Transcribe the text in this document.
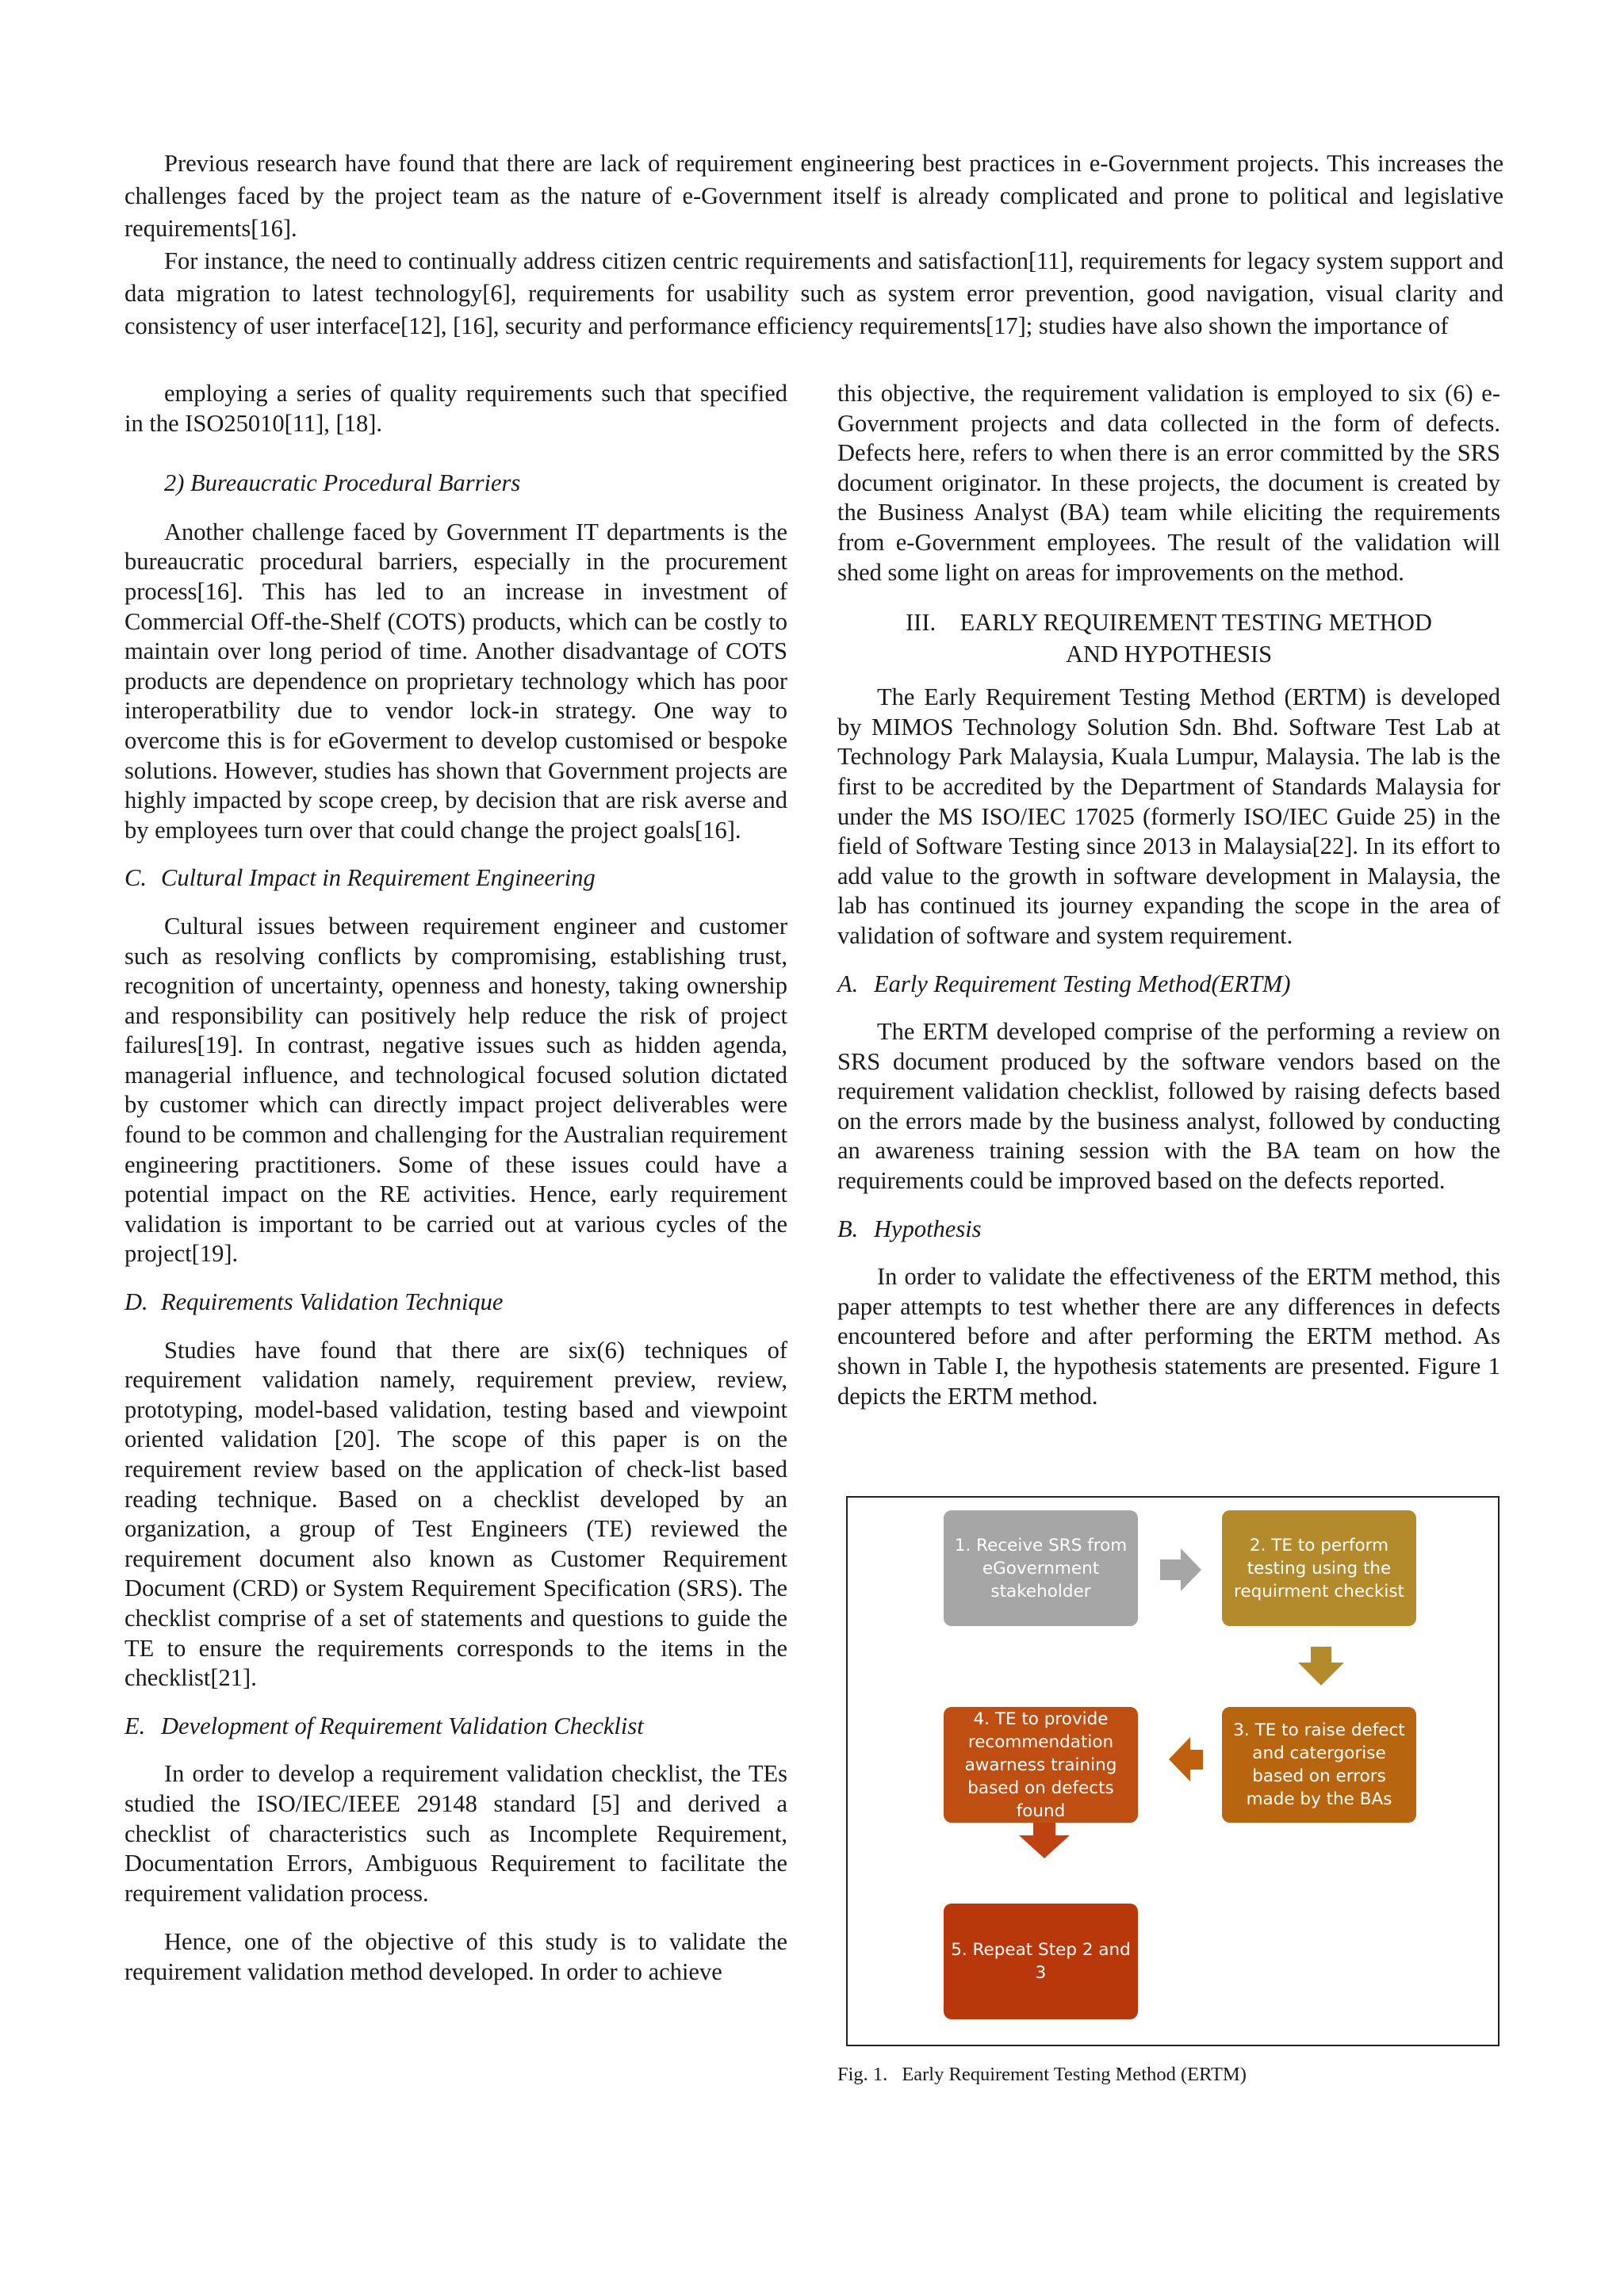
Previous research have found that there are lack of requirement engineering best practices in e-Government projects. This increases the challenges faced by the project team as the nature of e-Government itself is already complicated and prone to political and legislative requirements[16].

For instance, the need to continually address citizen centric requirements and satisfaction[11], requirements for legacy system support and data migration to latest technology[6], requirements for usability such as system error prevention, good navigation, visual clarity and consistency of user interface[12], [16], security and performance efficiency requirements[17]; studies have also shown the importance of

employing a series of quality requirements such that specified in the ISO25010[11], [18].

2) Bureaucratic Procedural Barriers

Another challenge faced by Government IT departments is the bureaucratic procedural barriers, especially in the procurement process[16]. This has led to an increase in investment of Commercial Off-the-Shelf (COTS) products, which can be costly to maintain over long period of time. Another disadvantage of COTS products are dependence on proprietary technology which has poor interoperatbility due to vendor lock-in strategy. One way to overcome this is for eGoverment to develop customised or bespoke solutions. However, studies has shown that Government projects are highly impacted by scope creep, by decision that are risk averse and by employees turn over that could change the project goals[16].

C. Cultural Impact in Requirement Engineering

Cultural issues between requirement engineer and customer such as resolving conflicts by compromising, establishing trust, recognition of uncertainty, openness and honesty, taking ownership and responsibility can positively help reduce the risk of project failures[19]. In contrast, negative issues such as hidden agenda, managerial influence, and technological focused solution dictated by customer which can directly impact project deliverables were found to be common and challenging for the Australian requirement engineering practitioners. Some of these issues could have a potential impact on the RE activities. Hence, early requirement validation is important to be carried out at various cycles of the project[19].

D. Requirements Validation Technique

Studies have found that there are six(6) techniques of requirement validation namely, requirement preview, review, prototyping, model-based validation, testing based and viewpoint oriented validation [20]. The scope of this paper is on the requirement review based on the application of check-list based reading technique. Based on a checklist developed by an organization, a group of Test Engineers (TE) reviewed the requirement document also known as Customer Requirement Document (CRD) or System Requirement Specification (SRS). The checklist comprise of a set of statements and questions to guide the TE to ensure the requirements corresponds to the items in the checklist[21].

E. Development of Requirement Validation Checklist

In order to develop a requirement validation checklist, the TEs studied the ISO/IEC/IEEE 29148 standard [5] and derived a checklist of characteristics such as Incomplete Requirement, Documentation Errors, Ambiguous Requirement to facilitate the requirement validation process.

Hence, one of the objective of this study is to validate the requirement validation method developed. In order to achieve

this objective, the requirement validation is employed to six (6) e-Government projects and data collected in the form of defects. Defects here, refers to when there is an error committed by the SRS document originator. In these projects, the document is created by the Business Analyst (BA) team while eliciting the requirements from e-Government employees. The result of the validation will shed some light on areas for improvements on the method.

III. EARLY REQUIREMENT TESTING METHOD
AND HYPOTHESIS

The Early Requirement Testing Method (ERTM) is developed by MIMOS Technology Solution Sdn. Bhd. Software Test Lab at Technology Park Malaysia, Kuala Lumpur, Malaysia. The lab is the first to be accredited by the Department of Standards Malaysia for under the MS ISO/IEC 17025 (formerly ISO/IEC Guide 25) in the field of Software Testing since 2013 in Malaysia[22]. In its effort to add value to the growth in software development in Malaysia, the lab has continued its journey expanding the scope in the area of validation of software and system requirement.

A. Early Requirement Testing Method(ERTM)

The ERTM developed comprise of the performing a review on SRS document produced by the software vendors based on the requirement validation checklist, followed by raising defects based on the errors made by the business analyst, followed by conducting an awareness training session with the BA team on how the requirements could be improved based on the defects reported.

B. Hypothesis

In order to validate the effectiveness of the ERTM method, this paper attempts to test whether there are any differences in defects encountered before and after performing the ERTM method. As shown in Table I, the hypothesis statements are presented. Figure 1 depicts the ERTM method.

1. Receive SRS from eGovernment stakeholder
2. TE to perform testing using the requirment checkist
3. TE to raise defect and catergorise based on errors made by the BAs
4. TE to provide recommendation awarness training based on defects found
5. Repeat Step 2 and 3
Fig. 1. Early Requirement Testing Method (ERTM)
